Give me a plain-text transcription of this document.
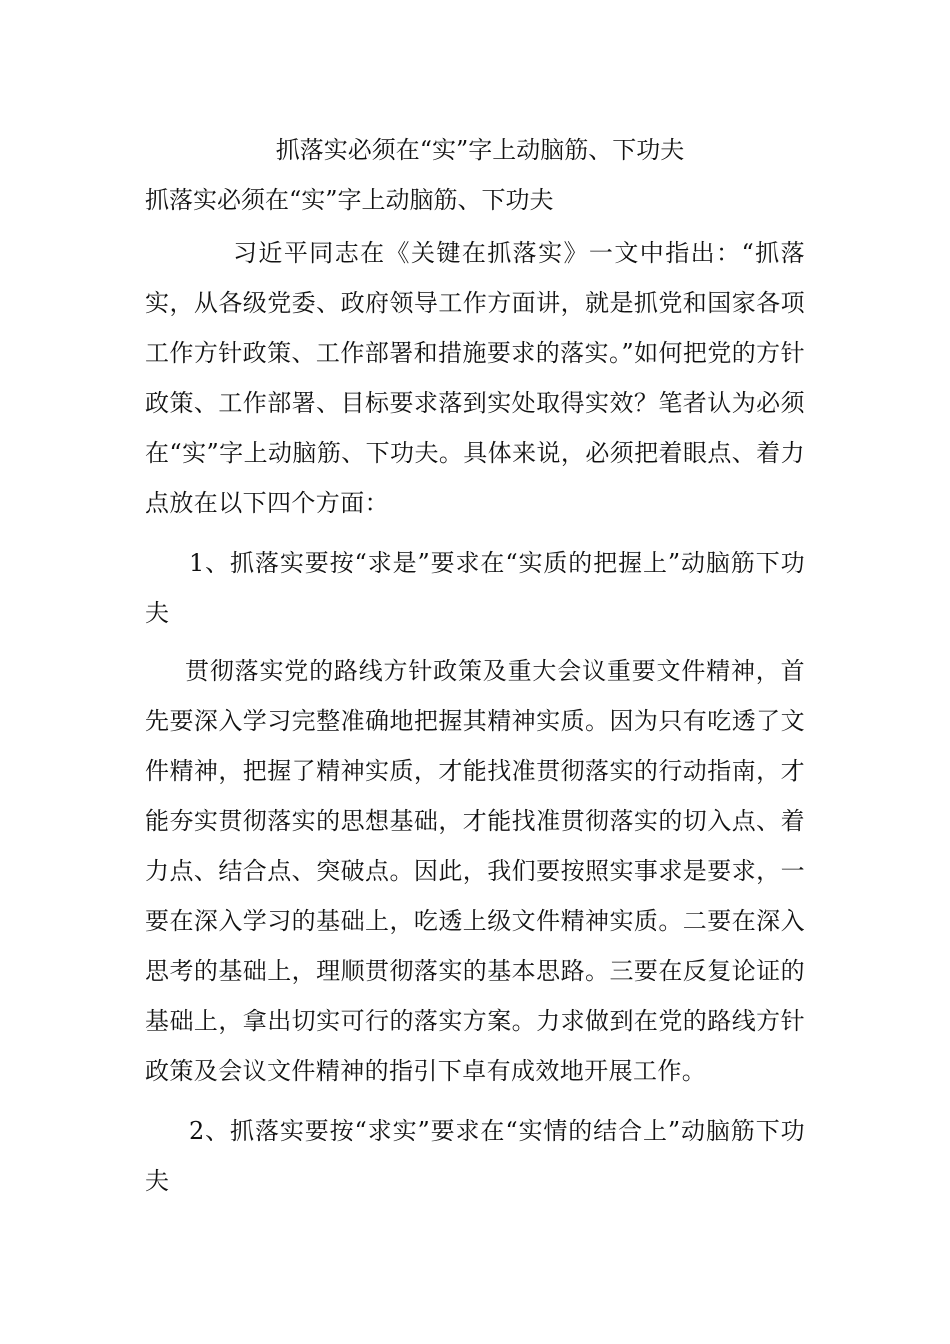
抓落实必须在“实”字上动脑筋、下功夫

抓落实必须在“实”字上动脑筋、下功夫

习近平同志在《关键在抓落实》一文中指出：“抓落实，从各级党委、政府领导工作方面讲，就是抓党和国家各项工作方针政策、工作部署和措施要求的落实。”如何把党的方针政策、工作部署、目标要求落到实处取得实效？笔者认为必须在“实”字上动脑筋、下功夫。具体来说，必须把着眼点、着力点放在以下四个方面：

1、抓落实要按“求是”要求在“实质的把握上”动脑筋下功夫

贯彻落实党的路线方针政策及重大会议重要文件精神，首先要深入学习完整准确地把握其精神实质。因为只有吃透了文件精神，把握了精神实质，才能找准贯彻落实的行动指南，才能夯实贯彻落实的思想基础，才能找准贯彻落实的切入点、着力点、结合点、突破点。因此，我们要按照实事求是要求，一要在深入学习的基础上，吃透上级文件精神实质。二要在深入思考的基础上，理顺贯彻落实的基本思路。三要在反复论证的基础上，拿出切实可行的落实方案。力求做到在党的路线方针政策及会议文件精神的指引下卓有成效地开展工作。

2、抓落实要按“求实”要求在“实情的结合上”动脑筋下功夫
